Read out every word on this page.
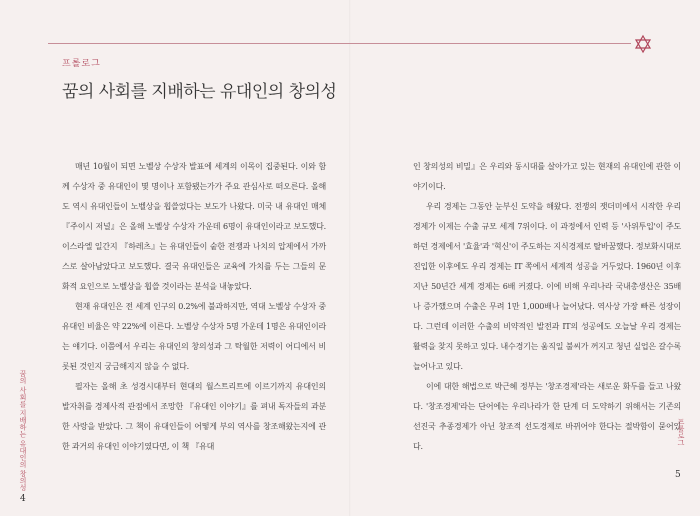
프롤로그
꿈의 사회를 지배하는 유대인의 창의성

매년 10월이 되면 노벨상 수상자 발표에 세계의 이목이 집중된다. 이와 함께 수상자 중 유대인이 몇 명이나 포함됐는가가 주요 관심사로 떠오른다. 올해도 역시 유대인들이 노벨상을 휩쓸었다는 보도가 나왔다. 미국 내 유대인 매체 『주이시 저널』은 올해 노벨상 수상자 가운데 6명이 유대인이라고 보도했다. 이스라엘 일간지 『하레츠』는 유대인들이 숱한 전쟁과 나치의 압제에서 가까스로 살아남았다고 보도했다. 결국 유대인들은 교육에 가치를 두는 그들의 문화적 요인으로 노벨상을 휩쓸 것이라는 분석을 내놓았다.

현재 유대인은 전 세계 인구의 0.2%에 불과하지만, 역대 노벨상 수상자 중 유대인 비율은 약 22%에 이른다. 노벨상 수상자 5명 가운데 1명은 유대인이라는 얘기다. 이쯤에서 우리는 유대인의 창의성과 그 탁월한 저력이 어디에서 비롯된 것인지 궁금해지지 않을 수 없다.

필자는 올해 초 성경시대부터 현대의 월스트리트에 이르기까지 유대인의 발자취를 경제사적 관점에서 조망한 『유대인 이야기』를 펴내 독자들의 과분한 사랑을 받았다. 그 책이 유대인들이 어떻게 부의 역사를 창조해왔는지에 관한 과거의 유대인 이야기였다면, 이 책 『유대

인 창의성의 비밀』은 우리와 동시대를 살아가고 있는 현재의 유대인에 관한 이야기이다.

우리 경제는 그동안 눈부신 도약을 해왔다. 전쟁의 잿더미에서 시작한 우리 경제가 이제는 수출 규모 세계 7위이다. 이 과정에서 인력 등 '사위투입'이 주도하던 경제에서 '효율'과 '혁신'이 주도하는 지식경제로 탈바꿈했다. 정보화시대로 진입한 이후에도 우리 경제는 IT 쪽에서 세계적 성공을 거두었다. 1960년 이후 지난 50년간 세계 경제는 6배 커졌다. 이에 비해 우리나라 국내총생산은 35배나 증가했으며 수출은 무려 1만 1,000배나 늘어났다. 역사상 가장 빠른 성장이다. 그런데 이러한 수출의 비약적인 발전과 IT의 성공에도 오늘날 우리 경제는 활력을 찾지 못하고 있다. 내수경기는 움직일 불씨가 꺼지고 청년 실업은 갈수록 늘어나고 있다.

이에 대한 해법으로 박근혜 정부는 '창조경제'라는 새로운 화두를 들고 나왔다. '창조경제'라는 단어에는 우리나라가 한 단계 더 도약하기 위해서는 기존의 선진국 추종경제가 아닌 창조적 선도경제로 바뀌어야 한다는 절박함이 묻어있다.

꿈의 사회를 지배하는 유대인의 창의성	프롤로그
4
5
